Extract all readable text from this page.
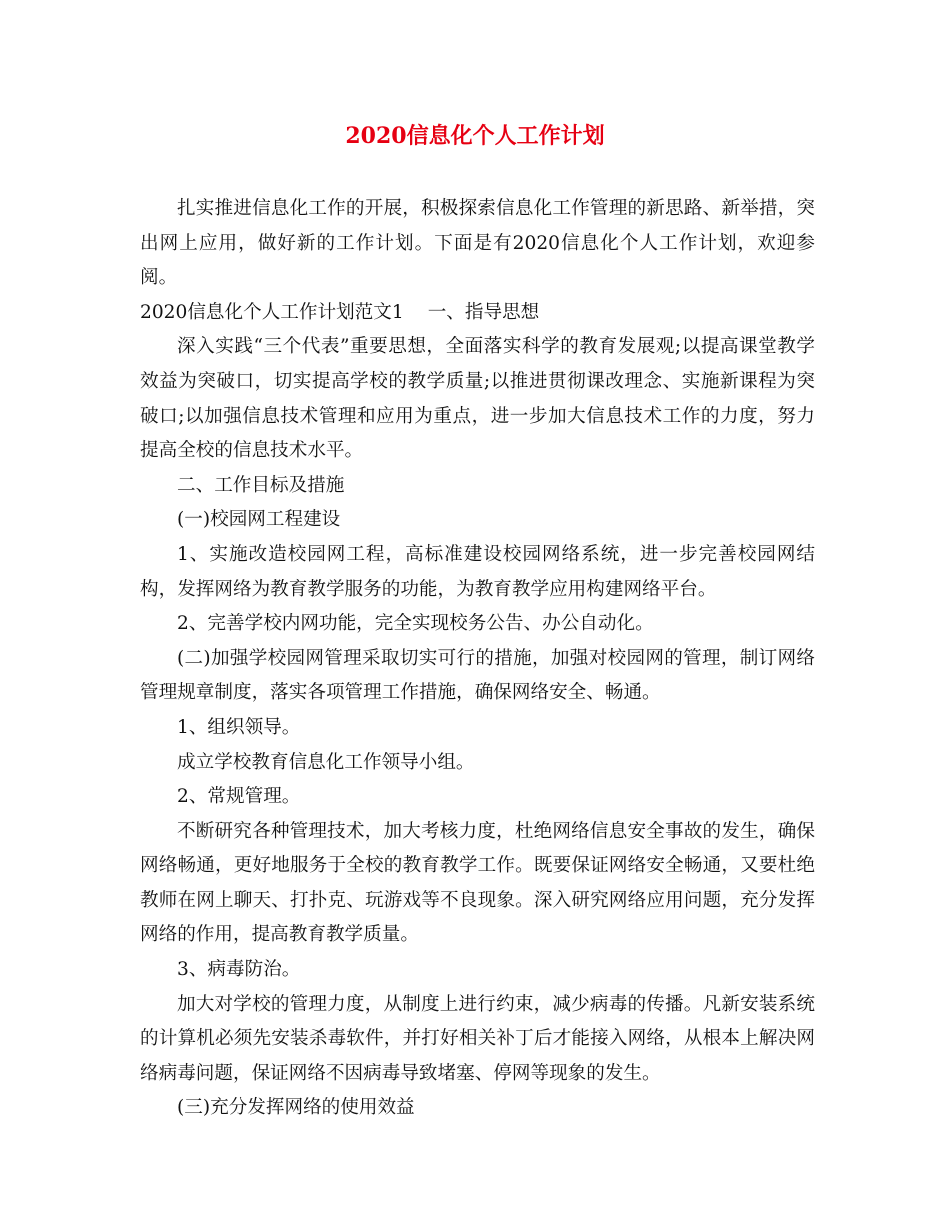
2020信息化个人工作计划

扎实推进信息化工作的开展，积极探索信息化工作管理的新思路、新举措，突出网上应用，做好新的工作计划。下面是有2020信息化个人工作计划，欢迎参阅。

2020信息化个人工作计划范文1 一、指导思想

深入实践“三个代表”重要思想，全面落实科学的教育发展观;以提高课堂教学效益为突破口，切实提高学校的教学质量;以推进贯彻课改理念、实施新课程为突破口;以加强信息技术管理和应用为重点，进一步加大信息技术工作的力度，努力提高全校的信息技术水平。

二、工作目标及措施

(一)校园网工程建设

1、实施改造校园网工程，高标准建设校园网络系统，进一步完善校园网结构，发挥网络为教育教学服务的功能，为教育教学应用构建网络平台。

2、完善学校内网功能，完全实现校务公告、办公自动化。

(二)加强学校园网管理采取切实可行的措施，加强对校园网的管理，制订网络管理规章制度，落实各项管理工作措施，确保网络安全、畅通。

1、组织领导。

成立学校教育信息化工作领导小组。

2、常规管理。

不断研究各种管理技术，加大考核力度，杜绝网络信息安全事故的发生，确保网络畅通，更好地服务于全校的教育教学工作。既要保证网络安全畅通，又要杜绝教师在网上聊天、打扑克、玩游戏等不良现象。深入研究网络应用问题，充分发挥网络的作用，提高教育教学质量。

3、病毒防治。

加大对学校的管理力度，从制度上进行约束，减少病毒的传播。凡新安装系统的计算机必须先安装杀毒软件，并打好相关补丁后才能接入网络，从根本上解决网络病毒问题，保证网络不因病毒导致堵塞、停网等现象的发生。

(三)充分发挥网络的使用效益
